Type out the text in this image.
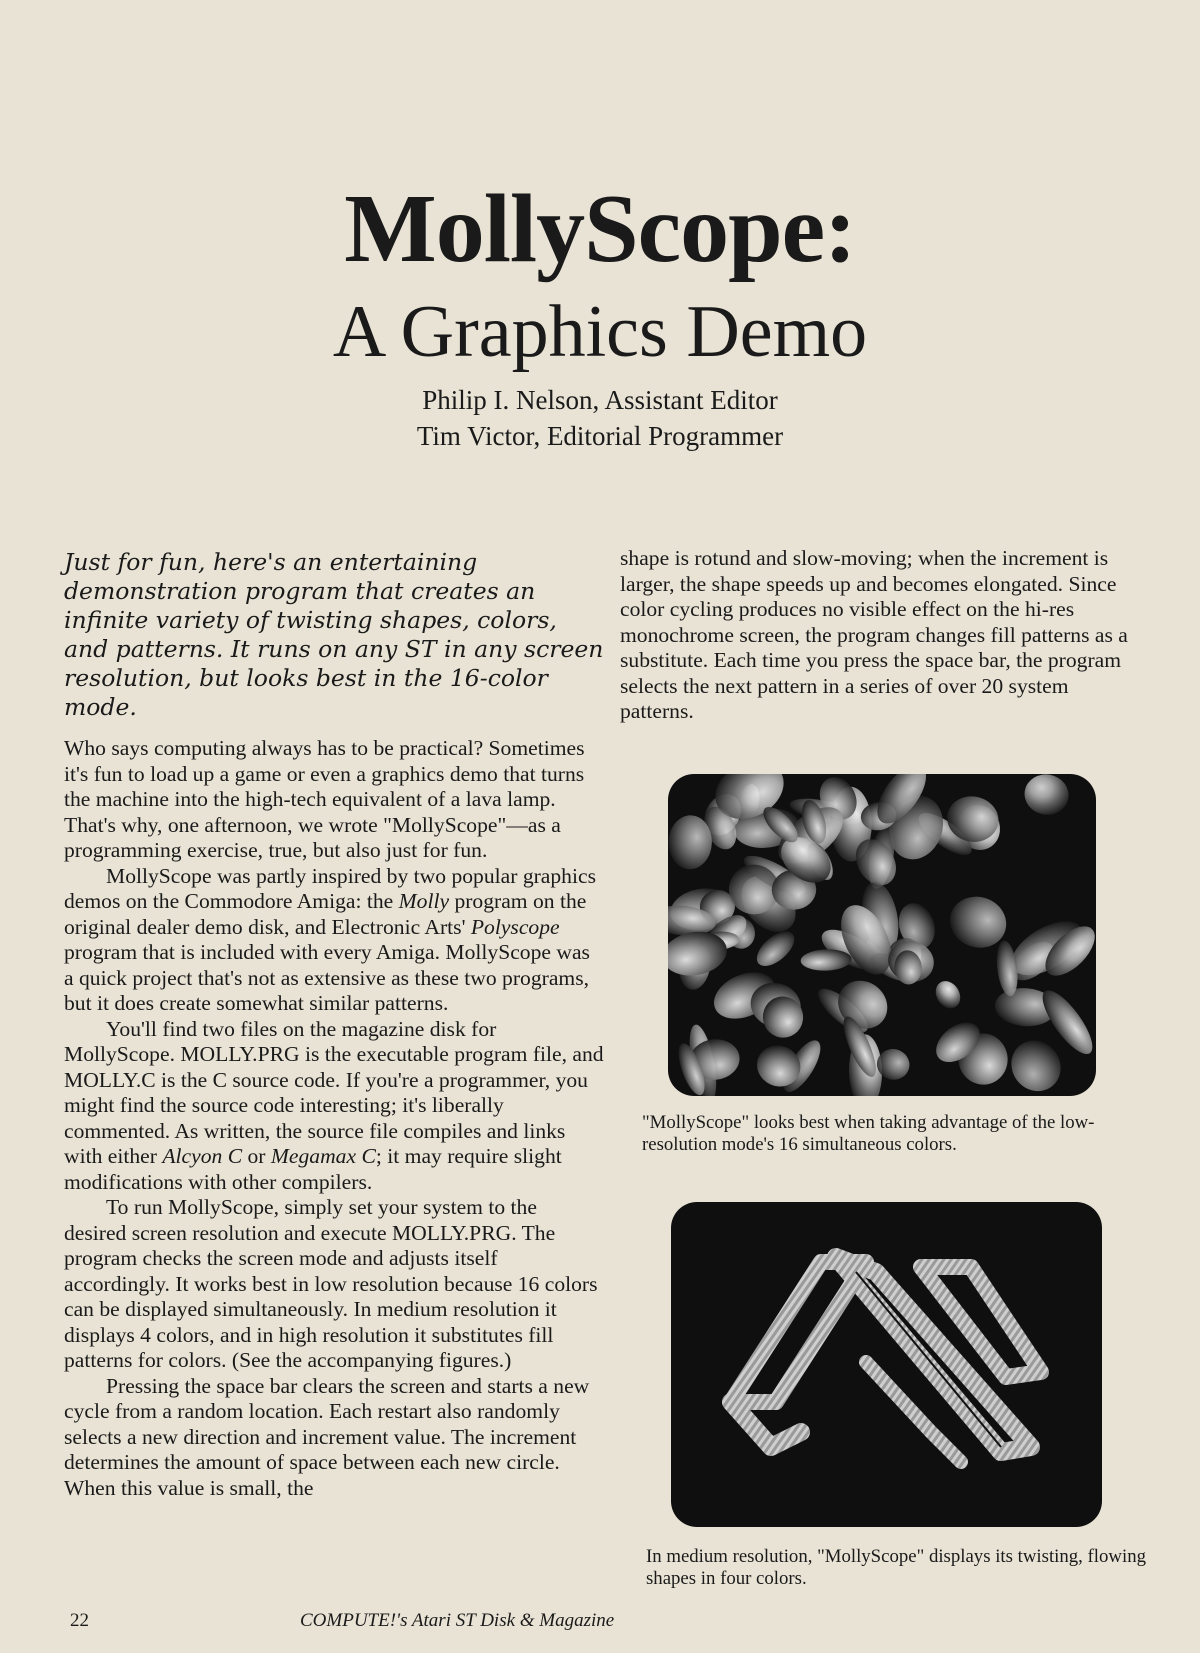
MollyScope:
A Graphics Demo
Philip I. Nelson, Assistant Editor
Tim Victor, Editorial Programmer

Just for fun, here's an entertaining demonstration program that creates an infinite variety of twisting shapes, colors, and patterns. It runs on any ST in any screen resolution, but looks best in the 16-color mode.

Who says computing always has to be practical? Sometimes it's fun to load up a game or even a graphics demo that turns the machine into the high-tech equivalent of a lava lamp. That's why, one afternoon, we wrote "MollyScope"—as a programming exercise, true, but also just for fun.

MollyScope was partly inspired by two popular graphics demos on the Commodore Amiga: the Molly program on the original dealer demo disk, and Electronic Arts' Polyscope program that is included with every Amiga. MollyScope was a quick project that's not as extensive as these two programs, but it does create somewhat similar patterns.

You'll find two files on the magazine disk for MollyScope. MOLLY.PRG is the executable program file, and MOLLY.C is the C source code. If you're a programmer, you might find the source code interesting; it's liberally commented. As written, the source file compiles and links with either Alcyon C or Megamax C; it may require slight modifications with other compilers.

To run MollyScope, simply set your system to the desired screen resolution and execute MOLLY.PRG. The program checks the screen mode and adjusts itself accordingly. It works best in low resolution because 16 colors can be displayed simultaneously. In medium resolution it displays 4 colors, and in high resolution it substitutes fill patterns for colors. (See the accompanying figures.)

Pressing the space bar clears the screen and starts a new cycle from a random location. Each restart also randomly selects a new direction and increment value. The increment determines the amount of space between each new circle. When this value is small, the

shape is rotund and slow-moving; when the increment is larger, the shape speeds up and becomes elongated. Since color cycling produces no visible effect on the hi-res monochrome screen, the program changes fill patterns as a substitute. Each time you press the space bar, the program selects the next pattern in a series of over 20 system patterns.

"MollyScope" looks best when taking advantage of the low-resolution mode's 16 simultaneous colors.
In medium resolution, "MollyScope" displays its twisting, flowing shapes in four colors.
22	COMPUTE!'s Atari ST Disk & Magazine
